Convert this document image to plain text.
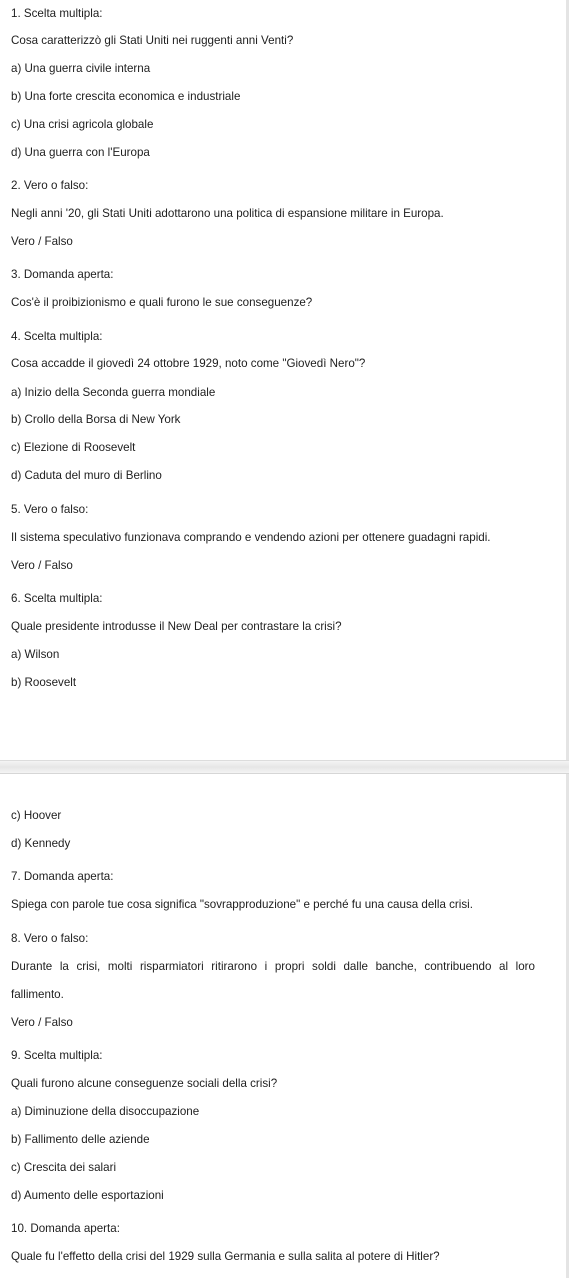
1. Scelta multipla:
Cosa caratterizzò gli Stati Uniti nei ruggenti anni Venti?
a) Una guerra civile interna
b) Una forte crescita economica e industriale
c) Una crisi agricola globale
d) Una guerra con l'Europa
2. Vero o falso:
Negli anni '20, gli Stati Uniti adottarono una politica di espansione militare in Europa.
Vero / Falso
3. Domanda aperta:
Cos'è il proibizionismo e quali furono le sue conseguenze?
4. Scelta multipla:
Cosa accadde il giovedì 24 ottobre 1929, noto come "Giovedì Nero"?
a) Inizio della Seconda guerra mondiale
b) Crollo della Borsa di New York
c) Elezione di Roosevelt
d) Caduta del muro di Berlino
5. Vero o falso:
Il sistema speculativo funzionava comprando e vendendo azioni per ottenere guadagni rapidi.
Vero / Falso
6. Scelta multipla:
Quale presidente introdusse il New Deal per contrastare la crisi?
a) Wilson
b) Roosevelt
c) Hoover
d) Kennedy
7. Domanda aperta:
Spiega con parole tue cosa significa "sovrapproduzione" e perché fu una causa della crisi.
8. Vero o falso:
Durante la crisi, molti risparmiatori ritirarono i propri soldi dalle banche, contribuendo al loro
fallimento.
Vero / Falso
9. Scelta multipla:
Quali furono alcune conseguenze sociali della crisi?
a) Diminuzione della disoccupazione
b) Fallimento delle aziende
c) Crescita dei salari
d) Aumento delle esportazioni
10. Domanda aperta:
Quale fu l'effetto della crisi del 1929 sulla Germania e sulla salita al potere di Hitler?
